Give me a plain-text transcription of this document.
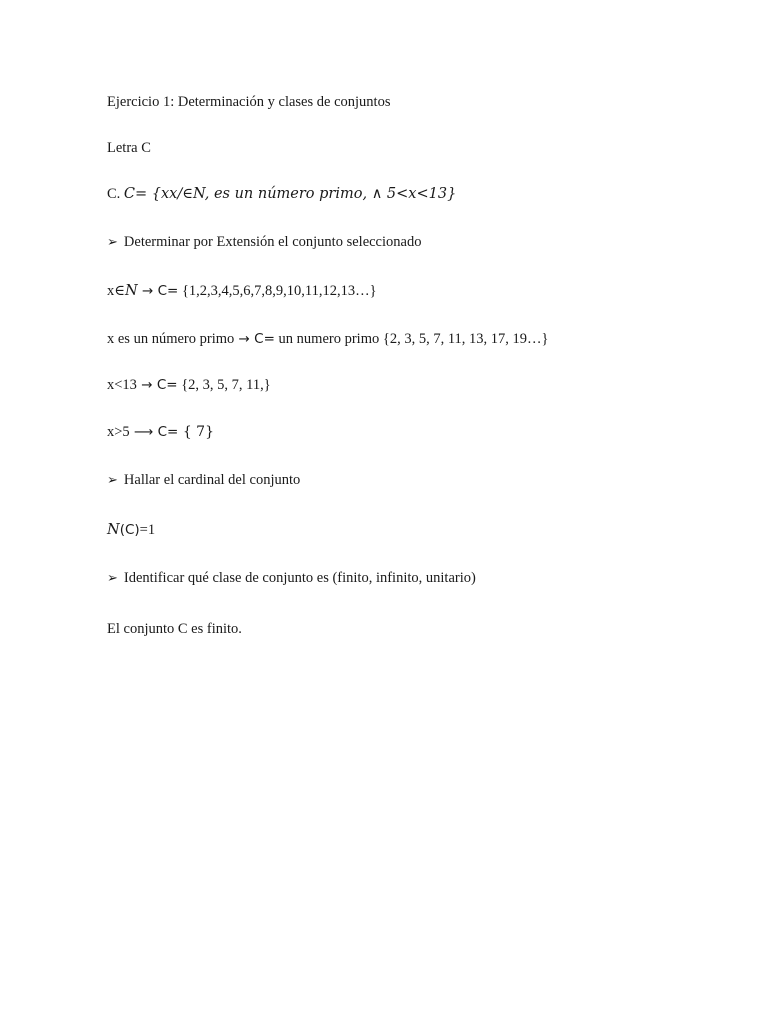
Ejercicio 1: Determinación y clases de conjuntos
Letra C
C. C= {xx∕∈N, es un número primo, ∧ 5<x<13}
➢ Determinar por Extensión el conjunto seleccionado
x∈N → C= {1,2,3,4,5,6,7,8,9,10,11,12,13…}
x es un número primo → C= un numero primo {2, 3, 5, 7, 11, 13, 17, 19…}
x<13 → C= {2, 3, 5, 7, 11,}
x>5 ⟶ C= { 7}
➢ Hallar el cardinal del conjunto
N(C)=1
➢ Identificar qué clase de conjunto es (finito, infinito, unitario)
El conjunto C es finito.
